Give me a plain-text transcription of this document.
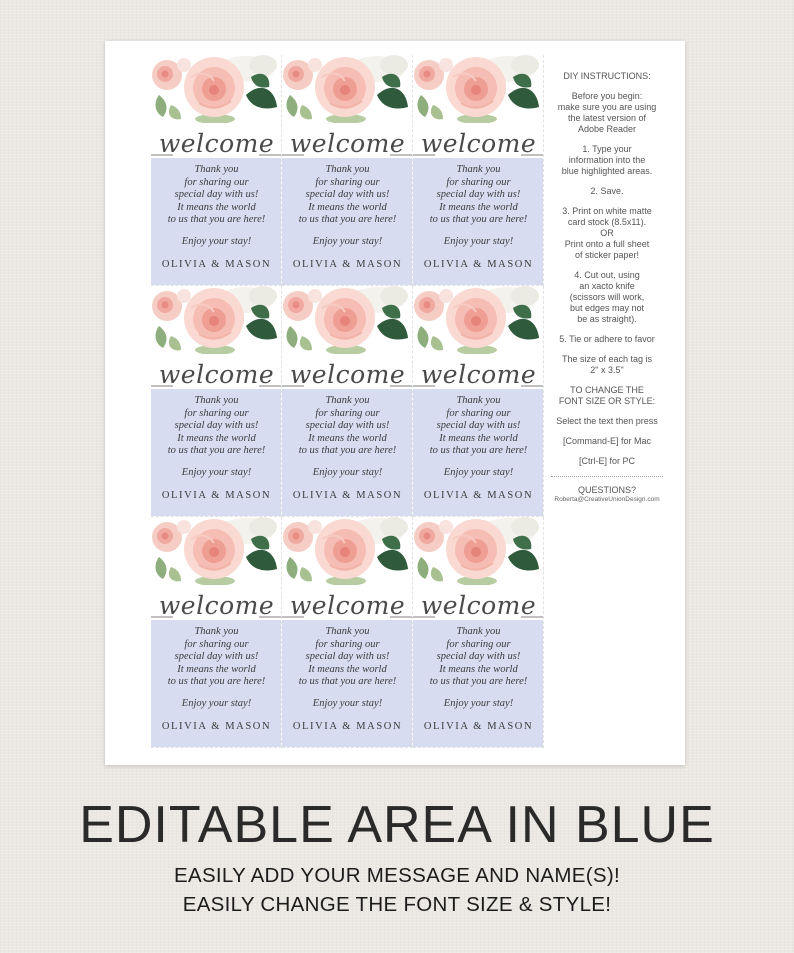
welcome
Thank you
for sharing our
special day with us!
It means the world
to us that you are here!
Enjoy your stay!
OLIVIA & MASON
welcome
Thank you
for sharing our
special day with us!
It means the world
to us that you are here!
Enjoy your stay!
OLIVIA & MASON
welcome
Thank you
for sharing our
special day with us!
It means the world
to us that you are here!
Enjoy your stay!
OLIVIA & MASON
welcome
Thank you
for sharing our
special day with us!
It means the world
to us that you are here!
Enjoy your stay!
OLIVIA & MASON
welcome
Thank you
for sharing our
special day with us!
It means the world
to us that you are here!
Enjoy your stay!
OLIVIA & MASON
welcome
Thank you
for sharing our
special day with us!
It means the world
to us that you are here!
Enjoy your stay!
OLIVIA & MASON
welcome
Thank you
for sharing our
special day with us!
It means the world
to us that you are here!
Enjoy your stay!
OLIVIA & MASON
welcome
Thank you
for sharing our
special day with us!
It means the world
to us that you are here!
Enjoy your stay!
OLIVIA & MASON
welcome
Thank you
for sharing our
special day with us!
It means the world
to us that you are here!
Enjoy your stay!
OLIVIA & MASON

DIY INSTRUCTIONS:

Before you begin:
make sure you are using
the latest version of
Adobe Reader

1. Type your
information into the
blue highlighted areas.

2. Save.

3. Print on white matte
card stock (8.5x11).
OR
Print onto a full sheet
of sticker paper!

4. Cut out, using
an xacto knife
(scissors will work,
but edges may not
be as straight).

5. Tie or adhere to favor

The size of each tag is
2" x 3.5"

TO CHANGE THE
FONT SIZE OR STYLE:

Select the text then press

[Command-E] for Mac

[Ctrl-E] for PC

QUESTIONS?

Roberta@CreativeUnionDesign.com

EDITABLE AREA IN BLUE
EASILY ADD YOUR MESSAGE AND NAME(S)!
EASILY CHANGE THE FONT SIZE & STYLE!
